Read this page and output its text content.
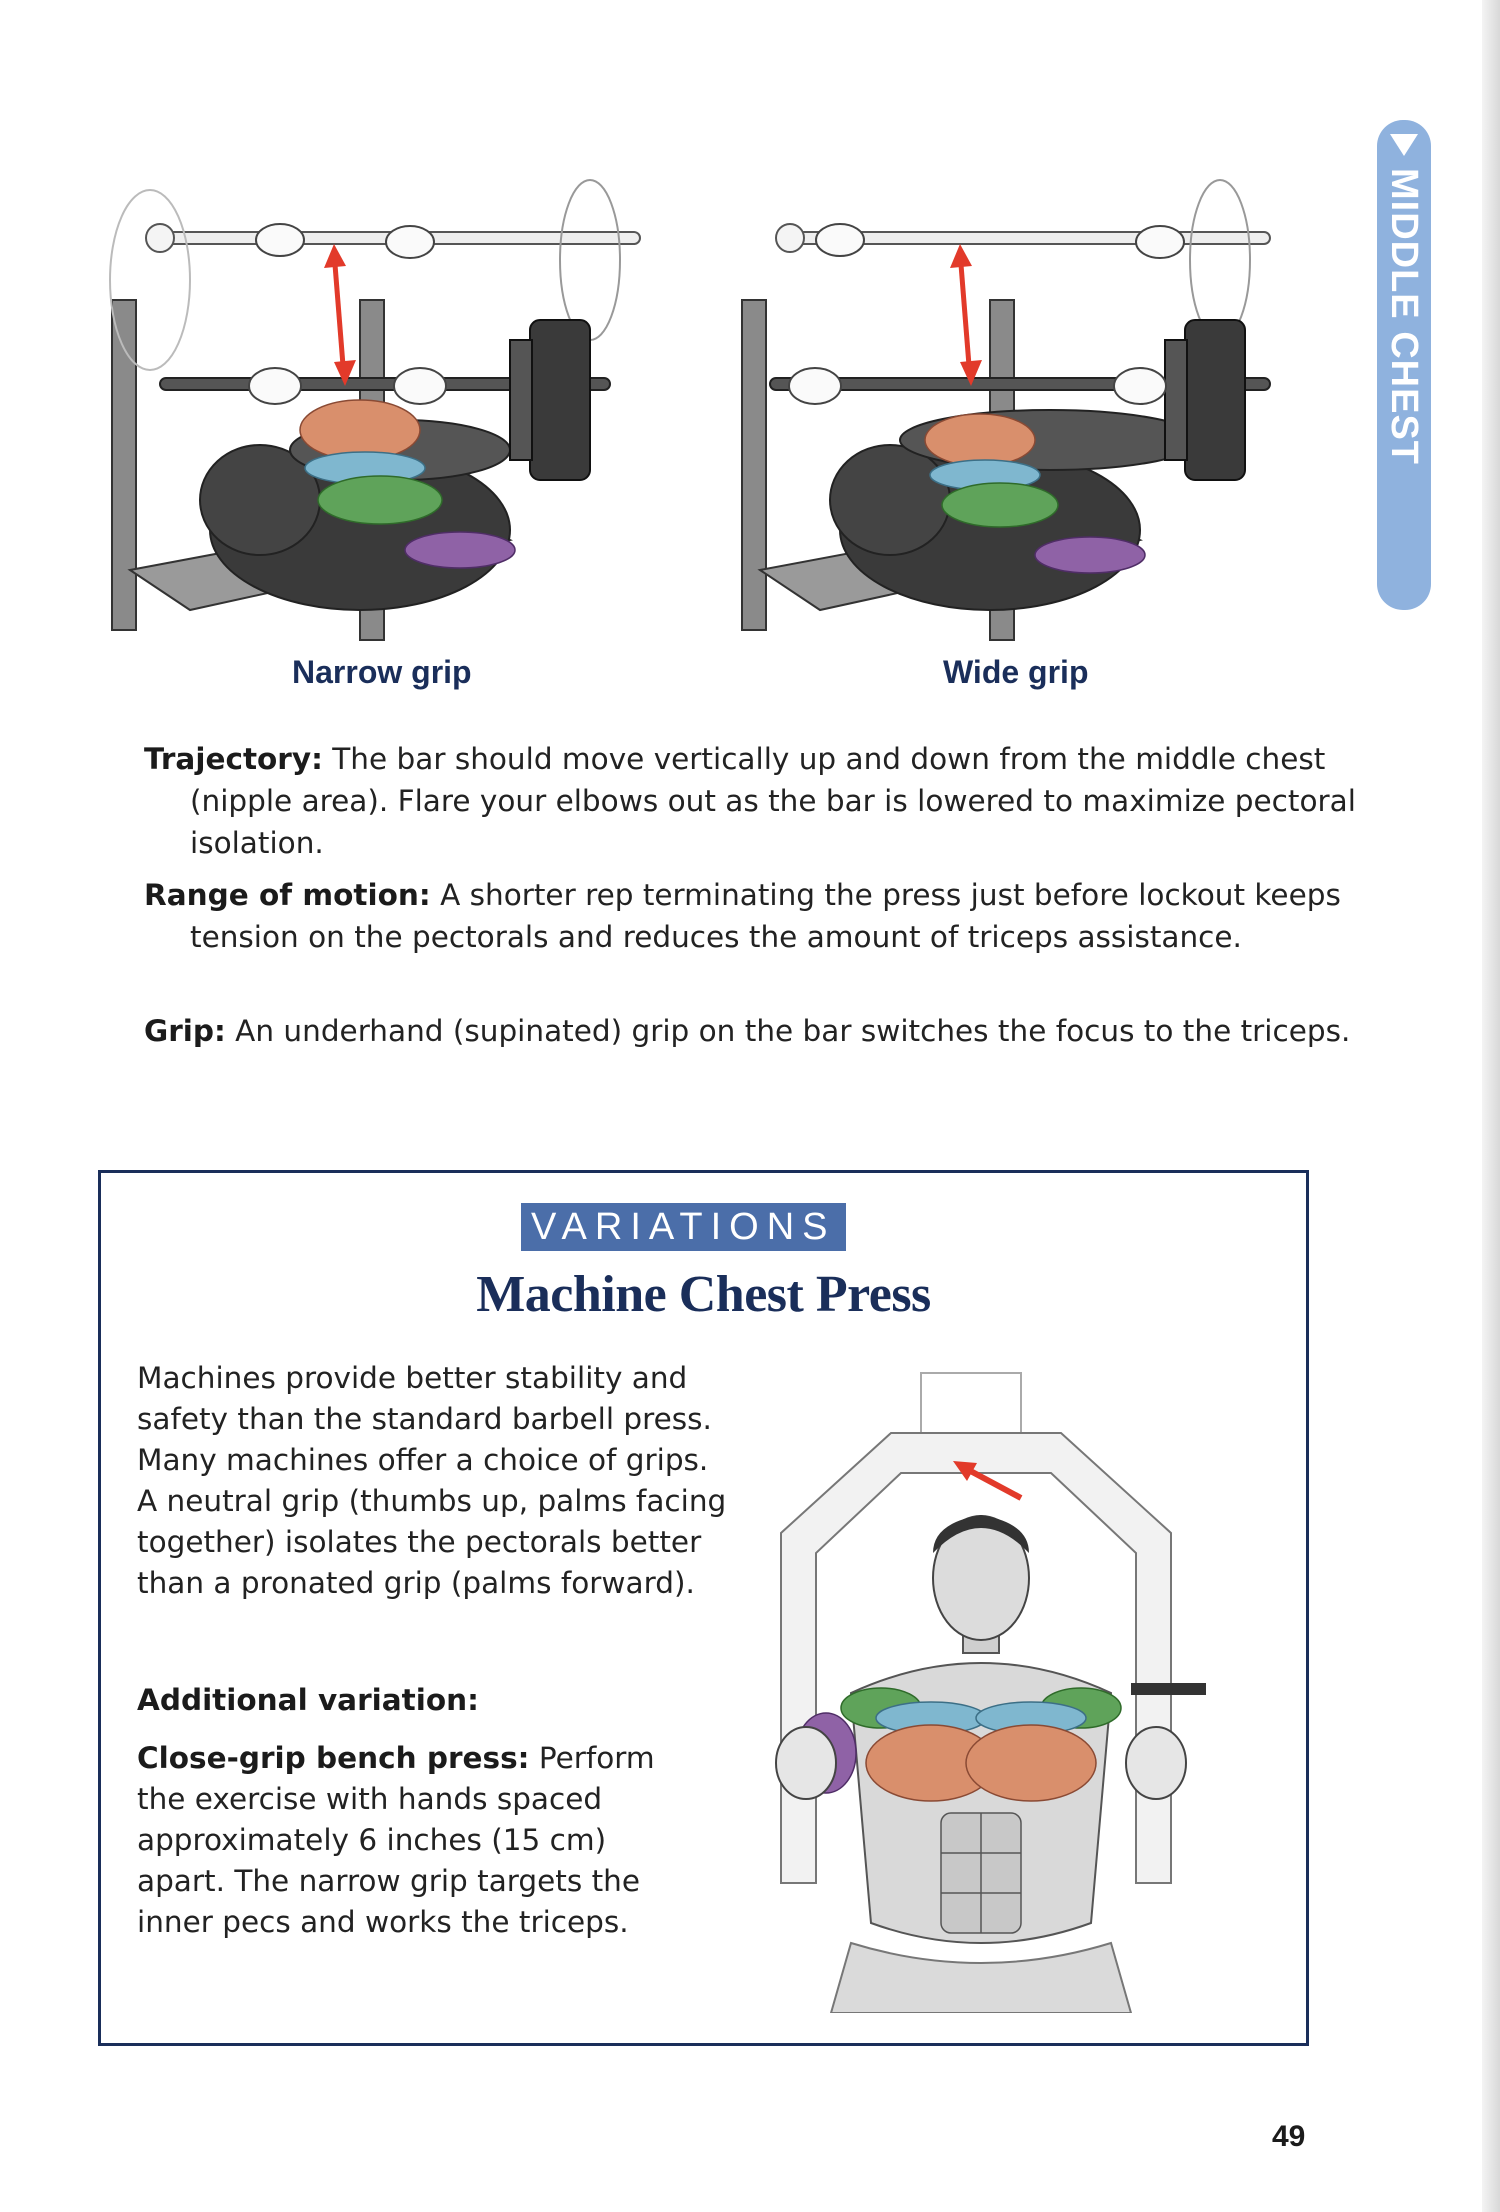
MIDDLE CHEST
Narrow grip	Wide grip
Trajectory: The bar should move vertically up and down from the middle chest (nipple area). Flare your elbows out as the bar is lowered to maximize pectoral isolation.
Range of motion: A shorter rep terminating the press just before lockout keeps tension on the pectorals and reduces the amount of triceps assistance.
Grip: An underhand (supinated) grip on the bar switches the focus to the triceps.
VARIATIONS
Machine Chest Press
Machines provide better stability and safety than the standard barbell press. Many machines offer a choice of grips. A neutral grip (thumbs up, palms facing together) isolates the pectorals better than a pronated grip (palms forward).
Additional variation:
Close-grip bench press: Perform the exercise with hands spaced approximately 6 inches (15 cm) apart. The narrow grip targets the inner pecs and works the triceps.
49
